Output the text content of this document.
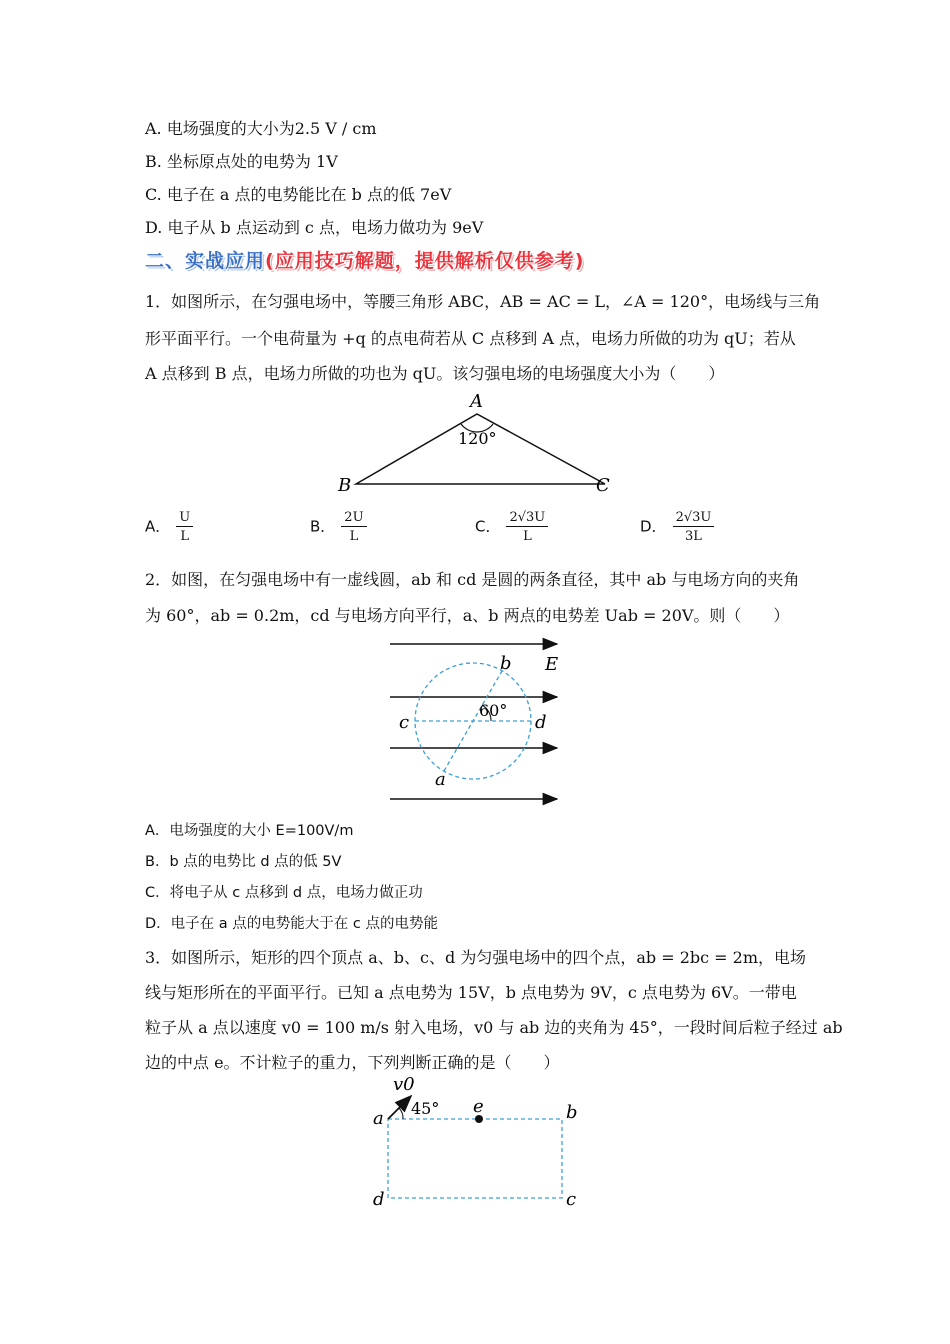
A. 电场强度的大小为2.5 V / cm
B. 坐标原点处的电势为 1V
C. 电子在 a 点的电势能比在 b 点的低 7eV
D. 电子从 b 点运动到 c 点，电场力做功为 9eV
二、实战应用(应用技巧解题，提供解析仅供参考)
1．如图所示，在匀强电场中，等腰三角形 ABC，AB = AC = L，∠A = 120°，电场线与三角
形平面平行。一个电荷量为 +q 的点电荷若从 C 点移到 A 点，电场力所做的功为 qU；若从
A 点移到 B 点，电场力所做的功也为 qU。该匀强电场的电场强度大小为（　　）
A
120°
B	C
A． $\frac{U}{L}$	B． $\frac{2U}{L}$	C． $\frac{2√3U}{L}$	D． $\frac{2√3U}{3L}$
2．如图，在匀强电场中有一虚线圆，ab 和 cd 是圆的两条直径，其中 ab 与电场方向的夹角
为 60°，ab = 0.2m，cd 与电场方向平行，a、b 两点的电势差 Uab = 20V。则（　　）
b E
c	d
60°
a
A．电场强度的大小 E=100V/m
B．b 点的电势比 d 点的低 5V
C．将电子从 c 点移到 d 点，电场力做正功
D．电子在 a 点的电势能大于在 c 点的电势能
3．如图所示，矩形的四个顶点 a、b、c、d 为匀强电场中的四个点，ab = 2bc = 2m，电场
线与矩形所在的平面平行。已知 a 点电势为 15V，b 点电势为 9V，c 点电势为 6V。一带电
粒子从 a 点以速度 v0 = 100 m/s 射入电场，v0 与 ab 边的夹角为 45°，一段时间后粒子经过 ab
边的中点 e。不计粒子的重力，下列判断正确的是（　　）
v0
45° e
a	b
d	c
